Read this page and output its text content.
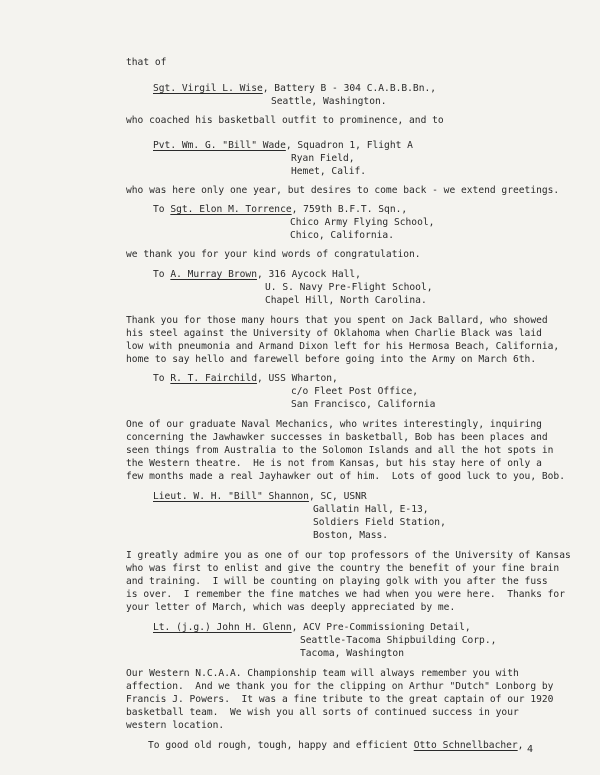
that of
Sgt. Virgil L. Wise, Battery B - 304 C.A.B.B.Bn.,
Seattle, Washington.
who coached his basketball outfit to prominence, and to
Pvt. Wm. G. "Bill" Wade, Squadron 1, Flight A
Ryan Field,
Hemet, Calif.
who was here only one year, but desires to come back - we extend greetings.
To Sgt. Elon M. Torrence, 759th B.F.T. Sqn.,
Chico Army Flying School,
Chico, California.
we thank you for your kind words of congratulation.
To A. Murray Brown, 316 Aycock Hall,
U. S. Navy Pre-Flight School,
Chapel Hill, North Carolina.
Thank you for those many hours that you spent on Jack Ballard, who showed
his steel against the University of Oklahoma when Charlie Black was laid
low with pneumonia and Armand Dixon left for his Hermosa Beach, California,
home to say hello and farewell before going into the Army on March 6th.
To R. T. Fairchild, USS Wharton,
c/o Fleet Post Office,
San Francisco, California
One of our graduate Naval Mechanics, who writes interestingly, inquiring
concerning the Jawhawker successes in basketball, Bob has been places and
seen things from Australia to the Solomon Islands and all the hot spots in
the Western theatre.  He is not from Kansas, but his stay here of only a
few months made a real Jayhawker out of him.  Lots of good luck to you, Bob.
Lieut. W. H. "Bill" Shannon, SC, USNR
Gallatin Hall, E-13,
Soldiers Field Station,
Boston, Mass.
I greatly admire you as one of our top professors of the University of Kansas
who was first to enlist and give the country the benefit of your fine brain
and training.  I will be counting on playing golk with you after the fuss
is over.  I remember the fine matches we had when you were here.  Thanks for
your letter of March, which was deeply appreciated by me.
Lt. (j.g.) John H. Glenn, ACV Pre-Commissioning Detail,
Seattle-Tacoma Shipbuilding Corp.,
Tacoma, Washington
Our Western N.C.A.A. Championship team will always remember you with
affection.  And we thank you for the clipping on Arthur "Dutch" Lonborg by
Francis J. Powers.  It was a fine tribute to the great captain of our 1920
basketball team.  We wish you all sorts of continued success in your
western location.
To good old rough, tough, happy and efficient Otto Schnellbacher, 4
